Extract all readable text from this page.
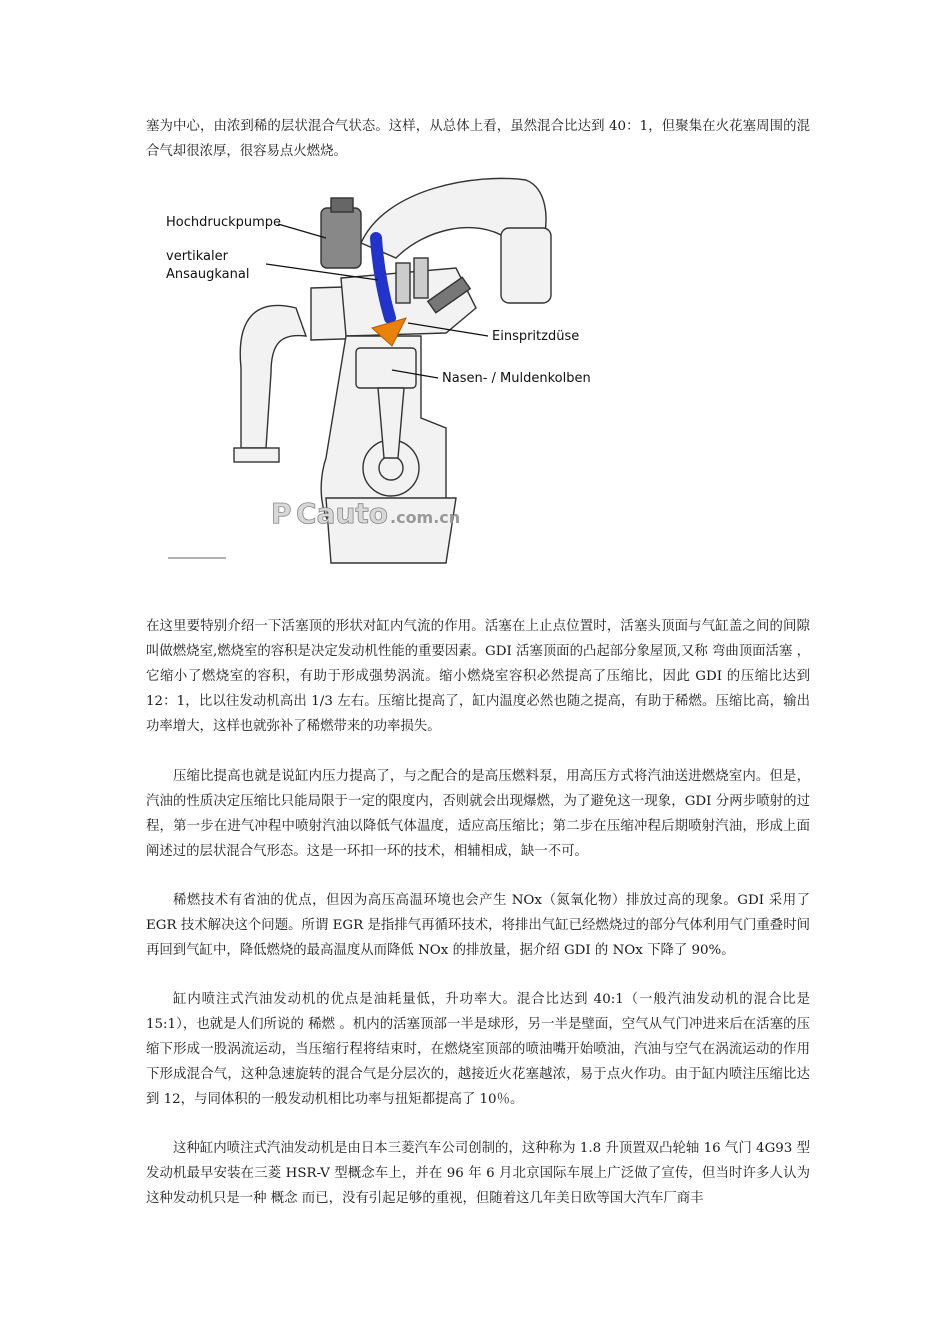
塞为中心，由浓到稀的层状混合气状态。这样，从总体上看，虽然混合比达到 40：1，但聚集在火花塞周围的混合气却很浓厚，很容易点火燃烧。

Hochdruckpumpe
vertikaler
Ansaugkanal
Einspritzdüse
Nasen- / Muldenkolben
P Cauto .com.cn

在这里要特别介绍一下活塞顶的形状对缸内气流的作用。活塞在上止点位置时，活塞头顶面与气缸盖之间的间隙叫做燃烧室,燃烧室的容积是决定发动机性能的重要因素。GDI 活塞顶面的凸起部分象屋顶,又称 弯曲顶面活塞 ，它缩小了燃烧室的容积，有助于形成强势涡流。缩小燃烧室容积必然提高了压缩比，因此 GDI 的压缩比达到 12：1，比以往发动机高出 1/3 左右。压缩比提高了，缸内温度必然也随之提高，有助于稀燃。压缩比高，输出功率增大，这样也就弥补了稀燃带来的功率损失。

压缩比提高也就是说缸内压力提高了，与之配合的是高压燃料泵，用高压方式将汽油送进燃烧室内。但是，汽油的性质决定压缩比只能局限于一定的限度内，否则就会出现爆燃，为了避免这一现象，GDI 分两步喷射的过程，第一步在进气冲程中喷射汽油以降低气体温度，适应高压缩比；第二步在压缩冲程后期喷射汽油，形成上面阐述过的层状混合气形态。这是一环扣一环的技术，相辅相成，缺一不可。

稀燃技术有省油的优点，但因为高压高温环境也会产生 NOx（氮氧化物）排放过高的现象。GDI 采用了 EGR 技术解决这个问题。所谓 EGR 是指排气再循环技术，将排出气缸已经燃烧过的部分气体利用气门重叠时间再回到气缸中，降低燃烧的最高温度从而降低 NOx 的排放量，据介绍 GDI 的 NOx 下降了 90%。

缸内喷注式汽油发动机的优点是油耗量低，升功率大。混合比达到 40:1（一般汽油发动机的混合比是 15:1），也就是人们所说的 稀燃 。机内的活塞顶部一半是球形，另一半是壁面，空气从气门冲进来后在活塞的压缩下形成一股涡流运动，当压缩行程将结束时，在燃烧室顶部的喷油嘴开始喷油，汽油与空气在涡流运动的作用下形成混合气，这种急速旋转的混合气是分层次的，越接近火花塞越浓，易于点火作功。由于缸内喷注压缩比达到 12，与同体积的一般发动机相比功率与扭矩都提高了 10％。

这种缸内喷注式汽油发动机是由日本三菱汽车公司创制的，这种称为 1.8 升顶置双凸轮轴 16 气门 4G93 型发动机最早安装在三菱 HSR-V 型概念车上，并在 96 年 6 月北京国际车展上广泛做了宣传，但当时许多人认为这种发动机只是一种 概念 而已，没有引起足够的重视，但随着这几年美日欧等国大汽车厂商丰
